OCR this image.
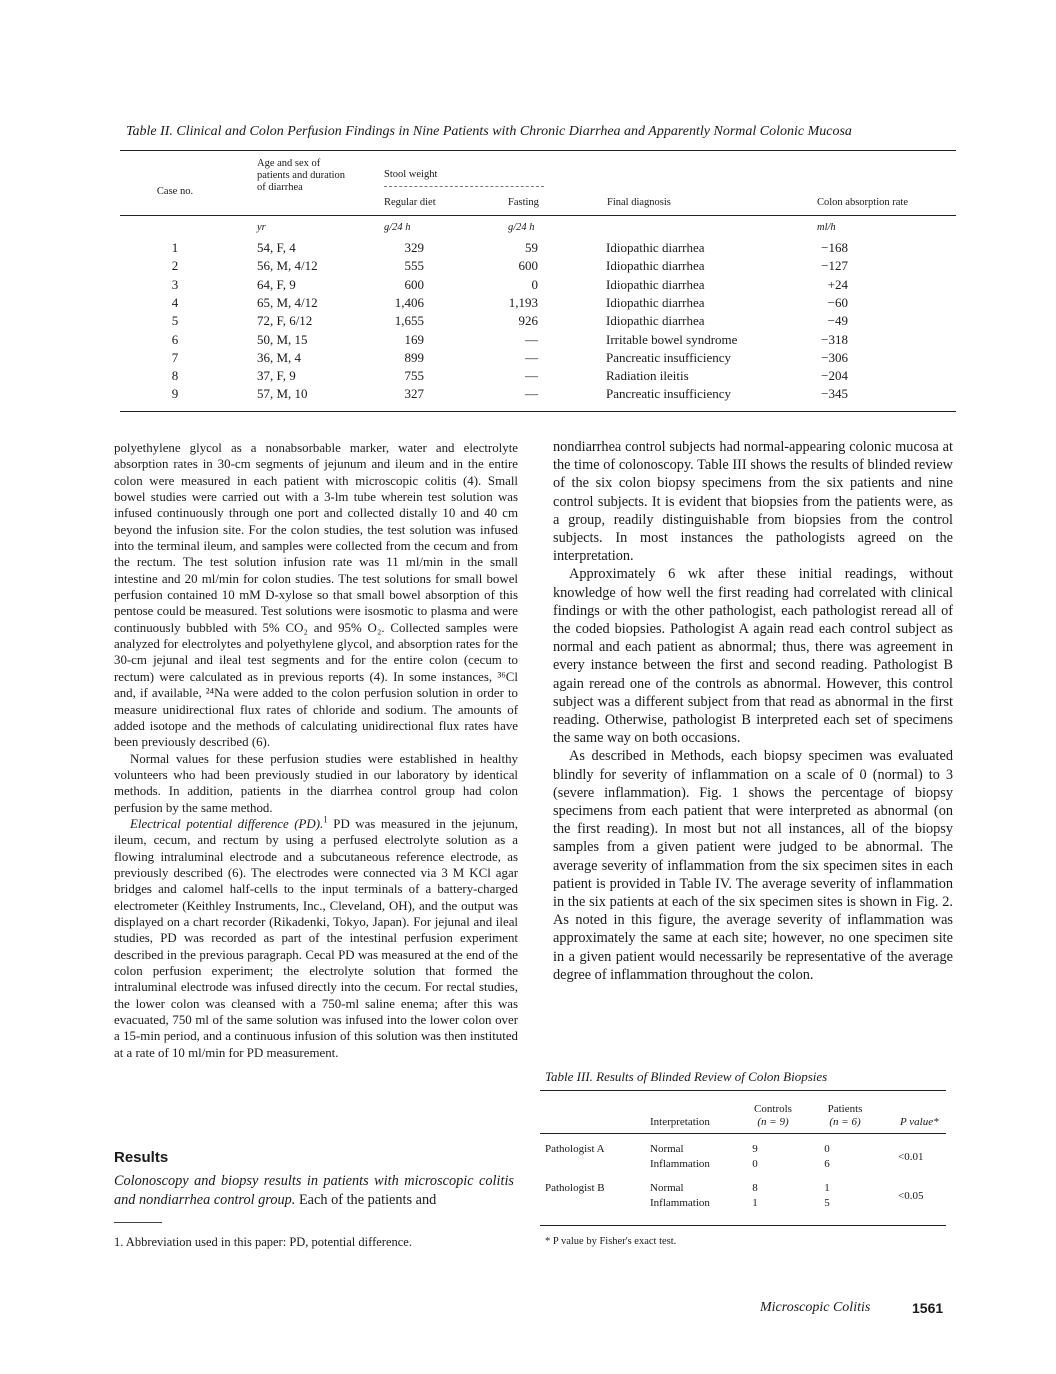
Table II. Clinical and Colon Perfusion Findings in Nine Patients with Chronic Diarrhea and Apparently Normal Colonic Mucosa
Case no.
Age and sex of patients and duration of diarrhea
Stool weight
Regular diet	Fasting	Final diagnosis	Colon absorption rate
yr	g/24 h	g/24 h	ml/h
1	54, F, 4	329	59	Idiopathic diarrhea	−168
2	56, M, 4/12	555	600	Idiopathic diarrhea	−127
3	64, F, 9	600	0	Idiopathic diarrhea	+24
4	65, M, 4/12	1,406	1,193	Idiopathic diarrhea	−60
5	72, F, 6/12	1,655	926	Idiopathic diarrhea	−49
6	50, M, 15	169	—	Irritable bowel syndrome	−318
7	36, M, 4	899	—	Pancreatic insufficiency	−306
8	37, F, 9	755	—	Radiation ileitis	−204
9	57, M, 10	327	—	Pancreatic insufficiency	−345

polyethylene glycol as a nonabsorbable marker, water and electrolyte absorption rates in 30-cm segments of jejunum and ileum and in the entire colon were measured in each patient with microscopic colitis (4). Small bowel studies were carried out with a 3-lm tube wherein test solution was infused continuously through one port and collected distally 10 and 40 cm beyond the infusion site. For the colon studies, the test solution was infused into the terminal ileum, and samples were collected from the cecum and from the rectum. The test solution infusion rate was 11 ml/min in the small intestine and 20 ml/min for colon studies. The test solutions for small bowel perfusion contained 10 mM D-xylose so that small bowel absorption of this pentose could be measured. Test solutions were isosmotic to plasma and were continuously bubbled with 5% CO₂ and 95% O₂. Collected samples were analyzed for electrolytes and polyethylene glycol, and absorption rates for the 30-cm jejunal and ileal test segments and for the entire colon (cecum to rectum) were calculated as in previous reports (4). In some instances, ³⁶Cl and, if available, ²⁴Na were added to the colon perfusion solution in order to measure unidirectional flux rates of chloride and sodium. The amounts of added isotope and the methods of calculating unidirectional flux rates have been previously described (6).

Normal values for these perfusion studies were established in healthy volunteers who had been previously studied in our laboratory by identical methods. In addition, patients in the diarrhea control group had colon perfusion by the same method.

Electrical potential difference (PD).$^1$ PD was measured in the jejunum, ileum, cecum, and rectum by using a perfused electrolyte solution as a flowing intraluminal electrode and a subcutaneous reference electrode, as previously described (6). The electrodes were connected via 3 M KCl agar bridges and calomel half-cells to the input terminals of a battery-charged electrometer (Keithley Instruments, Inc., Cleveland, OH), and the output was displayed on a chart recorder (Rikadenki, Tokyo, Japan). For jejunal and ileal studies, PD was recorded as part of the intestinal perfusion experiment described in the previous paragraph. Cecal PD was measured at the end of the colon perfusion experiment; the electrolyte solution that formed the intraluminal electrode was infused directly into the cecum. For rectal studies, the lower colon was cleansed with a 750-ml saline enema; after this was evacuated, 750 ml of the same solution was infused into the lower colon over a 15-min period, and a continuous infusion of this solution was then instituted at a rate of 10 ml/min for PD measurement.

Results
Colonoscopy and biopsy results in patients with microscopic colitis and nondiarrhea control group. Each of the patients and
1. Abbreviation used in this paper: PD, potential difference.

nondiarrhea control subjects had normal-appearing colonic mucosa at the time of colonoscopy. Table III shows the results of blinded review of the six colon biopsy specimens from the six patients and nine control subjects. It is evident that biopsies from the patients were, as a group, readily distinguishable from biopsies from the control subjects. In most instances the pathologists agreed on the interpretation.

Approximately 6 wk after these initial readings, without knowledge of how well the first reading had correlated with clinical findings or with the other pathologist, each pathologist reread all of the coded biopsies. Pathologist A again read each control subject as normal and each patient as abnormal; thus, there was agreement in every instance between the first and second reading. Pathologist B again reread one of the controls as abnormal. However, this control subject was a different subject from that read as abnormal in the first reading. Otherwise, pathologist B interpreted each set of specimens the same way on both occasions.

As described in Methods, each biopsy specimen was evaluated blindly for severity of inflammation on a scale of 0 (normal) to 3 (severe inflammation). Fig. 1 shows the percentage of biopsy specimens from each patient that were interpreted as abnormal (on the first reading). In most but not all instances, all of the biopsy samples from a given patient were judged to be abnormal. The average severity of inflammation from the six specimen sites in each patient is provided in Table IV. The average severity of inflammation in the six patients at each of the six specimen sites is shown in Fig. 2. As noted in this figure, the average severity of inflammation was approximately the same at each site; however, no one specimen site in a given patient would necessarily be representative of the average degree of inflammation throughout the colon.

Table III. Results of Blinded Review of Colon Biopsies
Interpretation
Controls
(n = 9)
Patients
(n = 6)	P value*
Pathologist A	Normal	9	0
Inflammation	0	6
<0.01
Pathologist B	Normal	8	1
Inflammation	1	5
<0.05
* P value by Fisher's exact test.
Microscopic Colitis	1561
